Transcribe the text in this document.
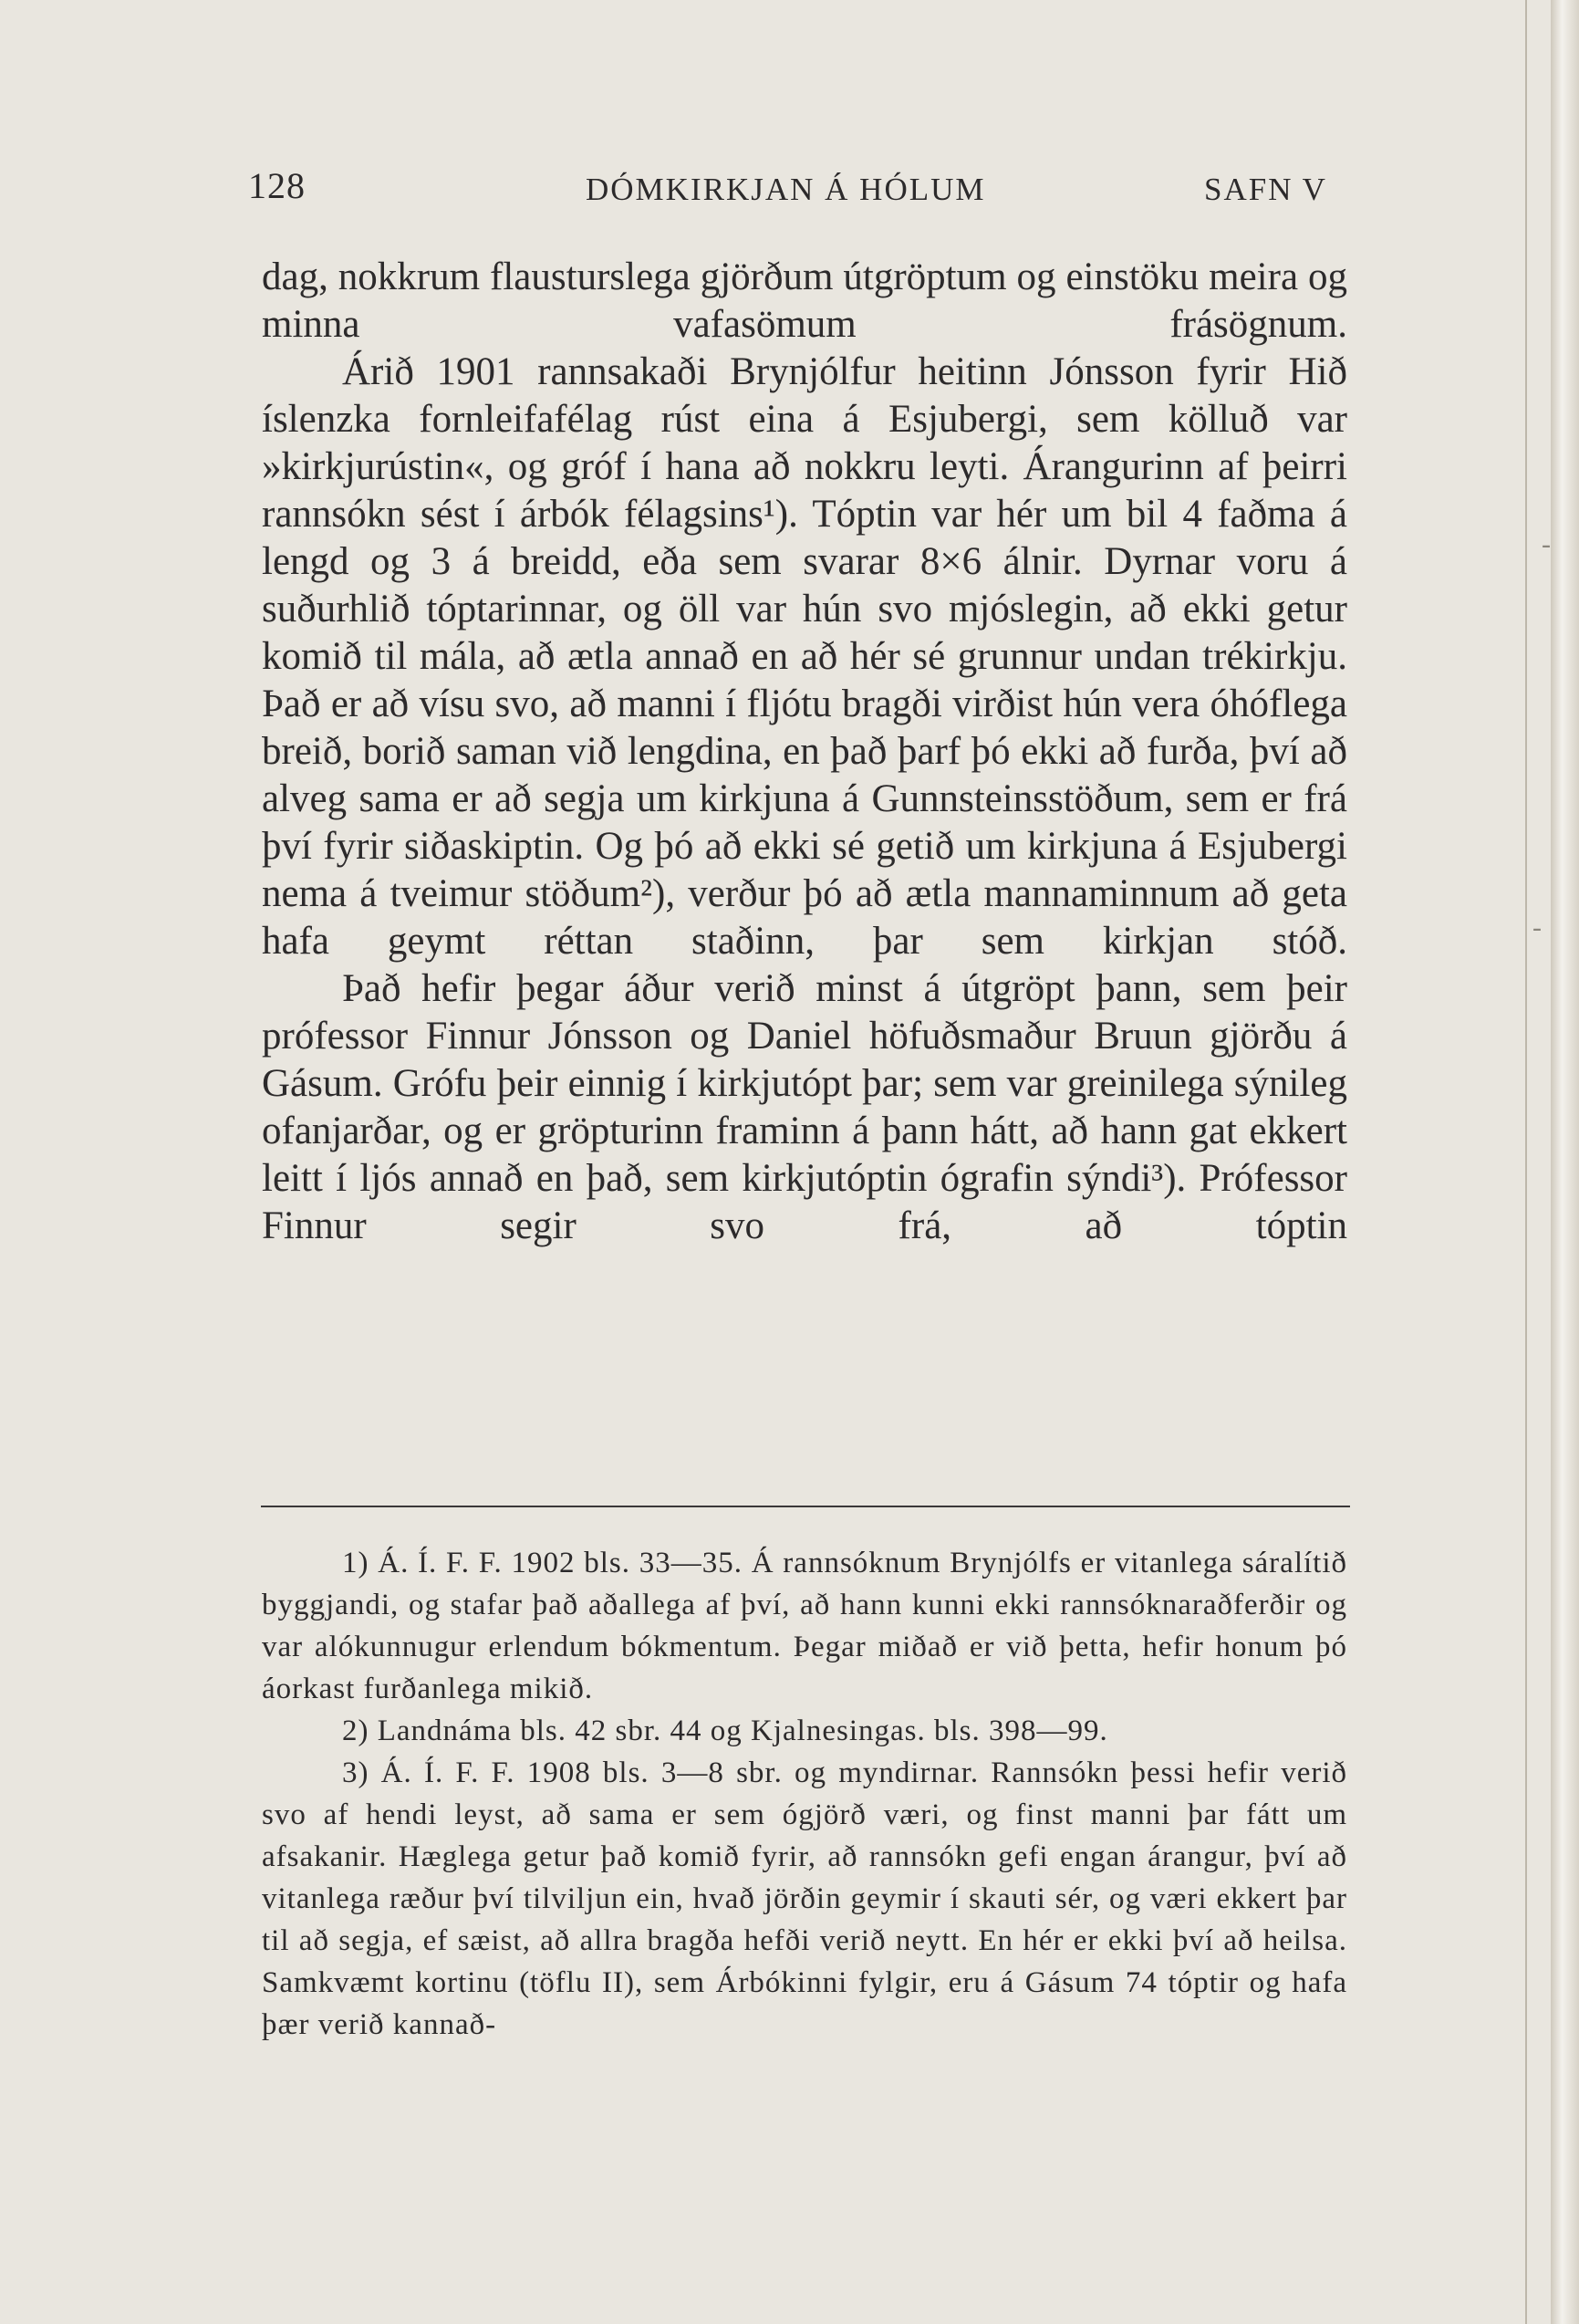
128	DÓMKIRKJAN Á HÓLUM	SAFN V

dag, nokkrum flausturslega gjörðum útgröptum og einstöku meira og minna vafasömum frásögnum.

Árið 1901 rannsakaði Brynjólfur heitinn Jónsson fyrir Hið íslenzka fornleifafélag rúst eina á Esjubergi, sem kölluð var »kirkjurústin«, og gróf í hana að nokkru leyti. Árangurinn af þeirri rannsókn sést í árbók félagsins¹). Tóptin var hér um bil 4 faðma á lengd og 3 á breidd, eða sem svarar 8×6 álnir. Dyrnar voru á suðurhlið tóptarinnar, og öll var hún svo mjóslegin, að ekki getur komið til mála, að ætla annað en að hér sé grunnur undan trékirkju. Það er að vísu svo, að manni í fljótu bragði virðist hún vera óhóflega breið, borið saman við lengdina, en það þarf þó ekki að furða, því að alveg sama er að segja um kirkjuna á Gunnsteinsstöðum, sem er frá því fyrir siðaskiptin. Og þó að ekki sé getið um kirkjuna á Esjubergi nema á tveimur stöðum²), verður þó að ætla mannaminnum að geta hafa geymt réttan staðinn, þar sem kirkjan stóð.

Það hefir þegar áður verið minst á útgröpt þann, sem þeir prófessor Finnur Jónsson og Daniel höfuðsmaður Bruun gjörðu á Gásum. Grófu þeir einnig í kirkjutópt þar; sem var greinilega sýnileg ofanjarðar, og er gröpturinn framinn á þann hátt, að hann gat ekkert leitt í ljós annað en það, sem kirkjutóptin ógrafin sýndi³). Prófessor Finnur segir svo frá, að tóptin

1) Á. Í. F. F. 1902 bls. 33—35. Á rannsóknum Brynjólfs er vitanlega sáralítið byggjandi, og stafar það aðallega af því, að hann kunni ekki rannsóknaraðferðir og var alókunnugur erlendum bókmentum. Þegar miðað er við þetta, hefir honum þó áorkast furðanlega mikið.

2) Landnáma bls. 42 sbr. 44 og Kjalnesingas. bls. 398—99.

3) Á. Í. F. F. 1908 bls. 3—8 sbr. og myndirnar. Rannsókn þessi hefir verið svo af hendi leyst, að sama er sem ógjörð væri, og finst manni þar fátt um afsakanir. Hæglega getur það komið fyrir, að rannsókn gefi engan árangur, því að vitanlega ræður því tilviljun ein, hvað jörðin geymir í skauti sér, og væri ekkert þar til að segja, ef sæist, að allra bragða hefði verið neytt. En hér er ekki því að heilsa. Samkvæmt kortinu (töflu II), sem Árbókinni fylgir, eru á Gásum 74 tóptir og hafa þær verið kannað-

-
-
